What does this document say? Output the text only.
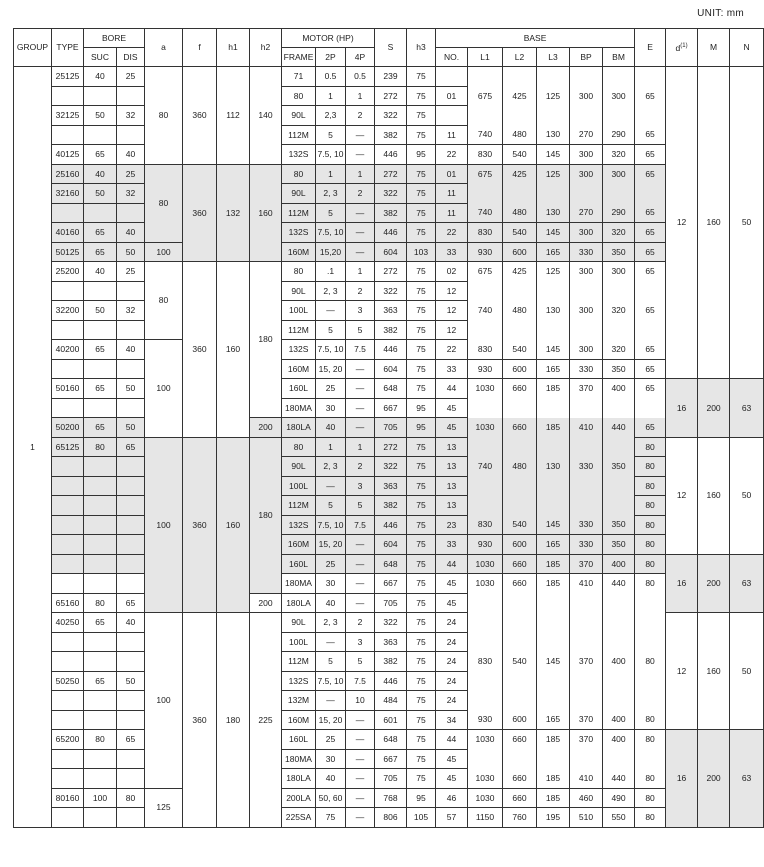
UNIT: mm
GROUP	TYPE	BORE		a	f	h1	h2	MOTOR (HP)			S	h3	BASE						E	$d^{(1)}$	M	N
		SUC	DIS					FRAME	2P	4P			NO.	L1	L2	L3	BP	BM				
1	25125	40	25	80	360	112	140	71	0.5	0.5	239	75								12	160	50
								80	1	1	272	75	01	675	425	125	300	300	65			
	32125	50	32					90L	2,3	2	322	75										
								112M	5	—	382	75	11	740	480	130	270	290	65			
	40125	65	40					132S	7.5, 10	—	446	95	22	830	540	145	300	320	65			
	25160	40	25	80	360	132	160	80	1	1	272	75	01	675	425	125	300	300	65			
	32160	50	32					90L	2, 3	2	322	75	11									
								112M	5	—	382	75	11	740	480	130	270	290	65			
	40160	65	40					132S	7.5, 10	—	446	75	22	830	540	145	300	320	65			
	50125	65	50	100				160M	15,20	—	604	103	33	930	600	165	330	350	65			
	25200	40	25	80	360	160	180	80	.1	1	272	75	02	675	425	125	300	300	65			
								90L	2, 3	2	322	75	12									
	32200	50	32					100L	—	3	363	75	12	740	480	130	300	320	65			
								112M	5	5	382	75	12									
	40200	65	40	100				132S	7.5, 10	7.5	446	75	22	830	540	145	300	320	65			
								160M	15, 20	—	604	75	33	930	600	165	330	350	65			
	50160	65	50					160L	25	—	648	75	44	1030	660	185	370	400	65	16	200	63
								180MA	30	—	667	95	45									
	50200	65	50				200	180LA	40	—	705	95	45	1030	660	185	410	440	65			
	65125	80	65	100	360	160	180	80	1	1	272	75	13						80	12	160	50
								90L	2, 3	2	322	75	13	740	480	130	330	350	80			
								100L	—	3	363	75	13						80			
								112M	5	5	382	75	13						80			
								132S	7.5, 10	7.5	446	75	23	830	540	145	330	350	80			
								160M	15, 20	—	604	75	33	930	600	165	330	350	80			
								160L	25	—	648	75	44	1030	660	185	370	400	80	16	200	63
								180MA	30	—	667	75	45	1030	660	185	410	440	80			
	65160	80	65				200	180LA	40	—	705	75	45									
	40250	65	40	100	360	180	225	90L	2, 3	2	322	75	24							12	160	50
								100L	—	3	363	75	24									
								112M	5	5	382	75	24	830	540	145	370	400	80			
	50250	65	50					132S	7.5, 10	7.5	446	75	24									
								132M	—	10	484	75	24									
								160M	15, 20	—	601	75	34	930	600	165	370	400	80			
	65200	80	65					160L	25	—	648	75	44	1030	660	185	370	400	80	16	200	63
								180MA	30	—	667	75	45									
								180LA	40	—	705	75	45	1030	660	185	410	440	80			
	80160	100	80	125				200LA	50, 60	—	768	95	46	1030	660	185	460	490	80			
								225SA	75	—	806	105	57	1150	760	195	510	550	80			
